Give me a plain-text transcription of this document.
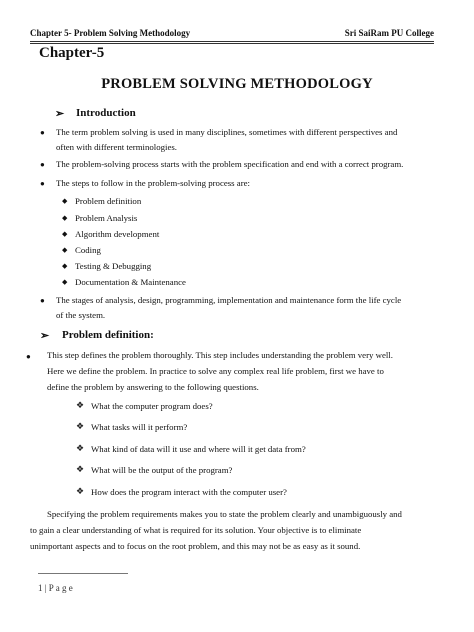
Chapter 5- Problem Solving Methodology	Sri SaiRam PU College
Chapter-5
PROBLEM SOLVING METHODOLOGY
➢ Introduction
● The term problem solving is used in many disciplines, sometimes with different perspectives and
often with different terminologies.
● The problem-solving process starts with the problem specification and end with a correct program.
● The steps to follow in the problem-solving process are:
◆ Problem definition
◆ Problem Analysis
◆ Algorithm development
◆ Coding
◆ Testing & Debugging
◆ Documentation & Maintenance
● The stages of analysis, design, programming, implementation and maintenance form the life cycle
of the system.
➢ Problem definition:
● This step defines the problem thoroughly. This step includes understanding the problem very well.
Here we define the problem. In practice to solve any complex real life problem, first we have to
define the problem by answering to the following questions.
❖ What the computer program does?
❖ What tasks will it perform?
❖ What kind of data will it use and where will it get data from?
❖ What will be the output of the program?
❖ How does the program interact with the computer user?
Specifying the problem requirements makes you to state the problem clearly and unambiguously and
to gain a clear understanding of what is required for its solution. Your objective is to eliminate
unimportant aspects and to focus on the root problem, and this may not be as easy as it sound.
1 | P a g e
